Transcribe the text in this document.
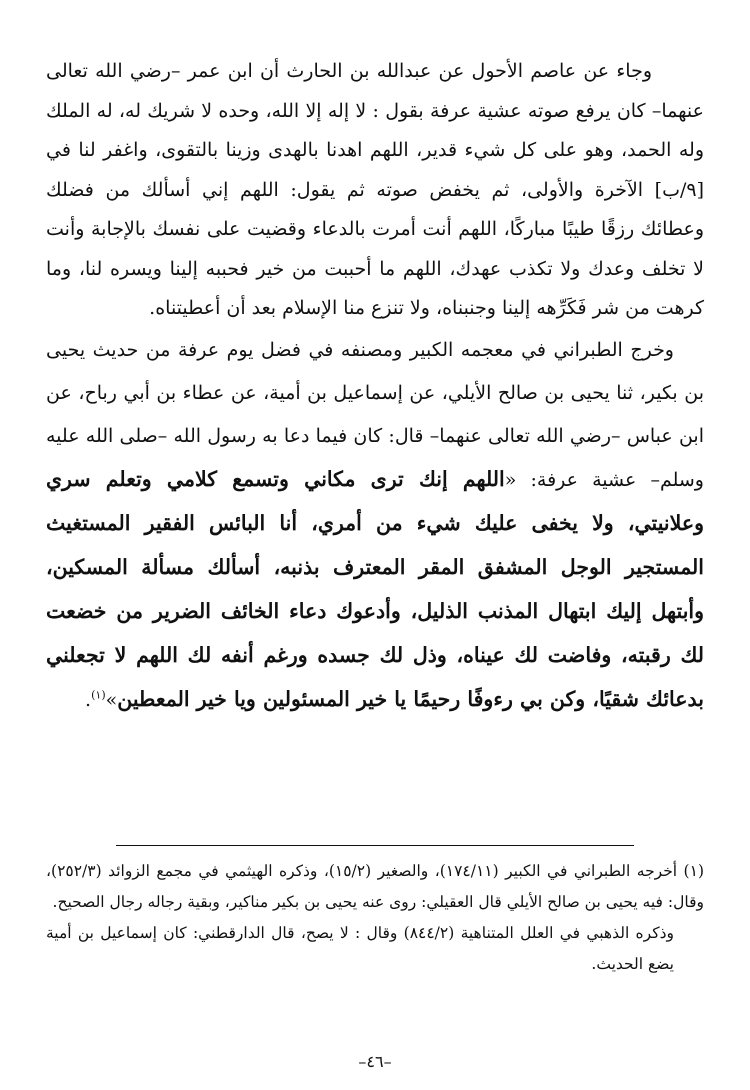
وجاء عن عاصم الأحول عن عبدالله بن الحارث أن ابن عمر –رضي الله تعالى عنهما– كان يرفع صوته عشية عرفة بقول : لا إله إلا الله، وحده لا شريك له، له الملك وله الحمد، وهو على كل شيء قدير، اللهم اهدنا بالهدى وزينا بالتقوى، واغفر لنا في [٩/ب] الآخرة والأولى، ثم يخفض صوته ثم يقول: اللهم إني أسألك من فضلك وعطائك رزقًا طيبًا مباركًا، اللهم أنت أمرت بالدعاء وقضيت على نفسك بالإجابة وأنت لا تخلف وعدك ولا تكذب عهدك، اللهم ما أحببت من خير فحببه إلينا ويسره لنا، وما كرهت من شر فَكَرِّهه إلينا وجنبناه، ولا تنزع منا الإسلام بعد أن أعطيتناه.

وخرج الطبراني في معجمه الكبير ومصنفه في فضل يوم عرفة من حديث يحيى بن بكير، ثنا يحيى بن صالح الأيلي، عن إسماعيل بن أمية، عن عطاء بن أبي رباح، عن ابن عباس –رضي الله تعالى عنهما– قال: كان فيما دعا به رسول الله –صلى الله عليه وسلم– عشية عرفة: «اللهم إنك ترى مكاني وتسمع كلامي وتعلم سري وعلانيتي، ولا يخفى عليك شيء من أمري، أنا البائس الفقير المستغيث المستجير الوجل المشفق المقر المعترف بذنبه، أسألك مسألة المسكين، وأبتهل إليك ابتهال المذنب الذليل، وأدعوك دعاء الخائف الضرير من خضعت لك رقبته، وفاضت لك عيناه، وذل لك جسده ورغم أنفه لك اللهم لا تجعلني بدعائك شقيًا، وكن بي رءوفًا رحيمًا يا خير المسئولين ويا خير المعطين»$^{(١)}$.

(١) أخرجه الطبراني في الكبير (١٧٤/١١)، والصغير (١٥/٢)، وذكره الهيثمي في مجمع الزوائد (٢٥٢/٣)، وقال: فيه يحيى بن صالح الأيلي قال العقيلي: روى عنه يحيى بن بكير مناكير، وبقية رجاله رجال الصحيح.

وذكره الذهبي في العلل المتناهية (٨٤٤/٢) وقال : لا يصح، قال الدارقطني: كان إسماعيل بن أمية يضع الحديث.

–٤٦–
